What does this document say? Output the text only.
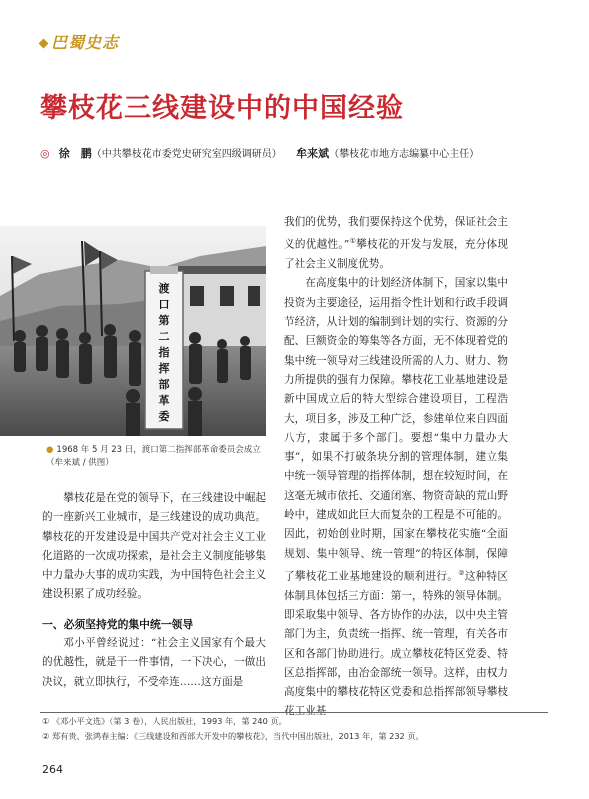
巴蜀史志
攀枝花三线建设中的中国经验
◎ 徐　鹏（中共攀枝花市委党史研究室四级调研员） 牟来斌（攀枝花市地方志编纂中心主任）
渡
口
第
二
指
挥
部
革
委
● 1968 年 5 月 23 日，渡口第二指挥部革命委员会成立（牟来斌 / 供图）

攀枝花是在党的领导下，在三线建设中崛起的一座新兴工业城市，是三线建设的成功典范。攀枝花的开发建设是中国共产党对社会主义工业化道路的一次成功探索，是社会主义制度能够集中力量办大事的成功实践，为中国特色社会主义建设积累了成功经验。

一、必须坚持党的集中统一领导

邓小平曾经说过：“社会主义国家有个最大的优越性，就是干一件事情，一下决心，一做出决议，就立即执行，不受牵连……这方面是

我们的优势，我们要保持这个优势，保证社会主义的优越性。”①攀枝花的开发与发展，充分体现了社会主义制度优势。

在高度集中的计划经济体制下，国家以集中投资为主要途径，运用指令性计划和行政手段调节经济，从计划的编制到计划的实行、资源的分配、巨额资金的筹集等各方面，无不体现着党的集中统一领导对三线建设所需的人力、财力、物力所提供的强有力保障。攀枝花工业基地建设是新中国成立后的特大型综合建设项目，工程浩大，项目多，涉及工种广泛，参建单位来自四面八方，隶属于多个部门。要想“集中力量办大事”，如果不打破条块分割的管理体制，建立集中统一领导管理的指挥体制，想在较短时间，在这毫无城市依托、交通闭塞、物资奇缺的荒山野岭中，建成如此巨大而复杂的工程是不可能的。因此，初始创业时期，国家在攀枝花实施“全面规划、集中领导、统一管理”的特区体制，保障了攀枝花工业基地建设的顺利进行。②这种特区体制具体包括三方面：第一，特殊的领导体制。即采取集中领导、各方协作的办法，以中央主管部门为主，负责统一指挥、统一管理，有关各市区和各部门协助进行。成立攀枝花特区党委、特区总指挥部，由冶金部统一领导。这样，由权力高度集中的攀枝花特区党委和总指挥部领导攀枝花工业基

① 《邓小平文选》（第 3 卷），人民出版社，1993 年，第 240 页。
② 郑有贵、张鸿春主编：《三线建设和西部大开发中的攀枝花》，当代中国出版社，2013 年，第 232 页。
264
